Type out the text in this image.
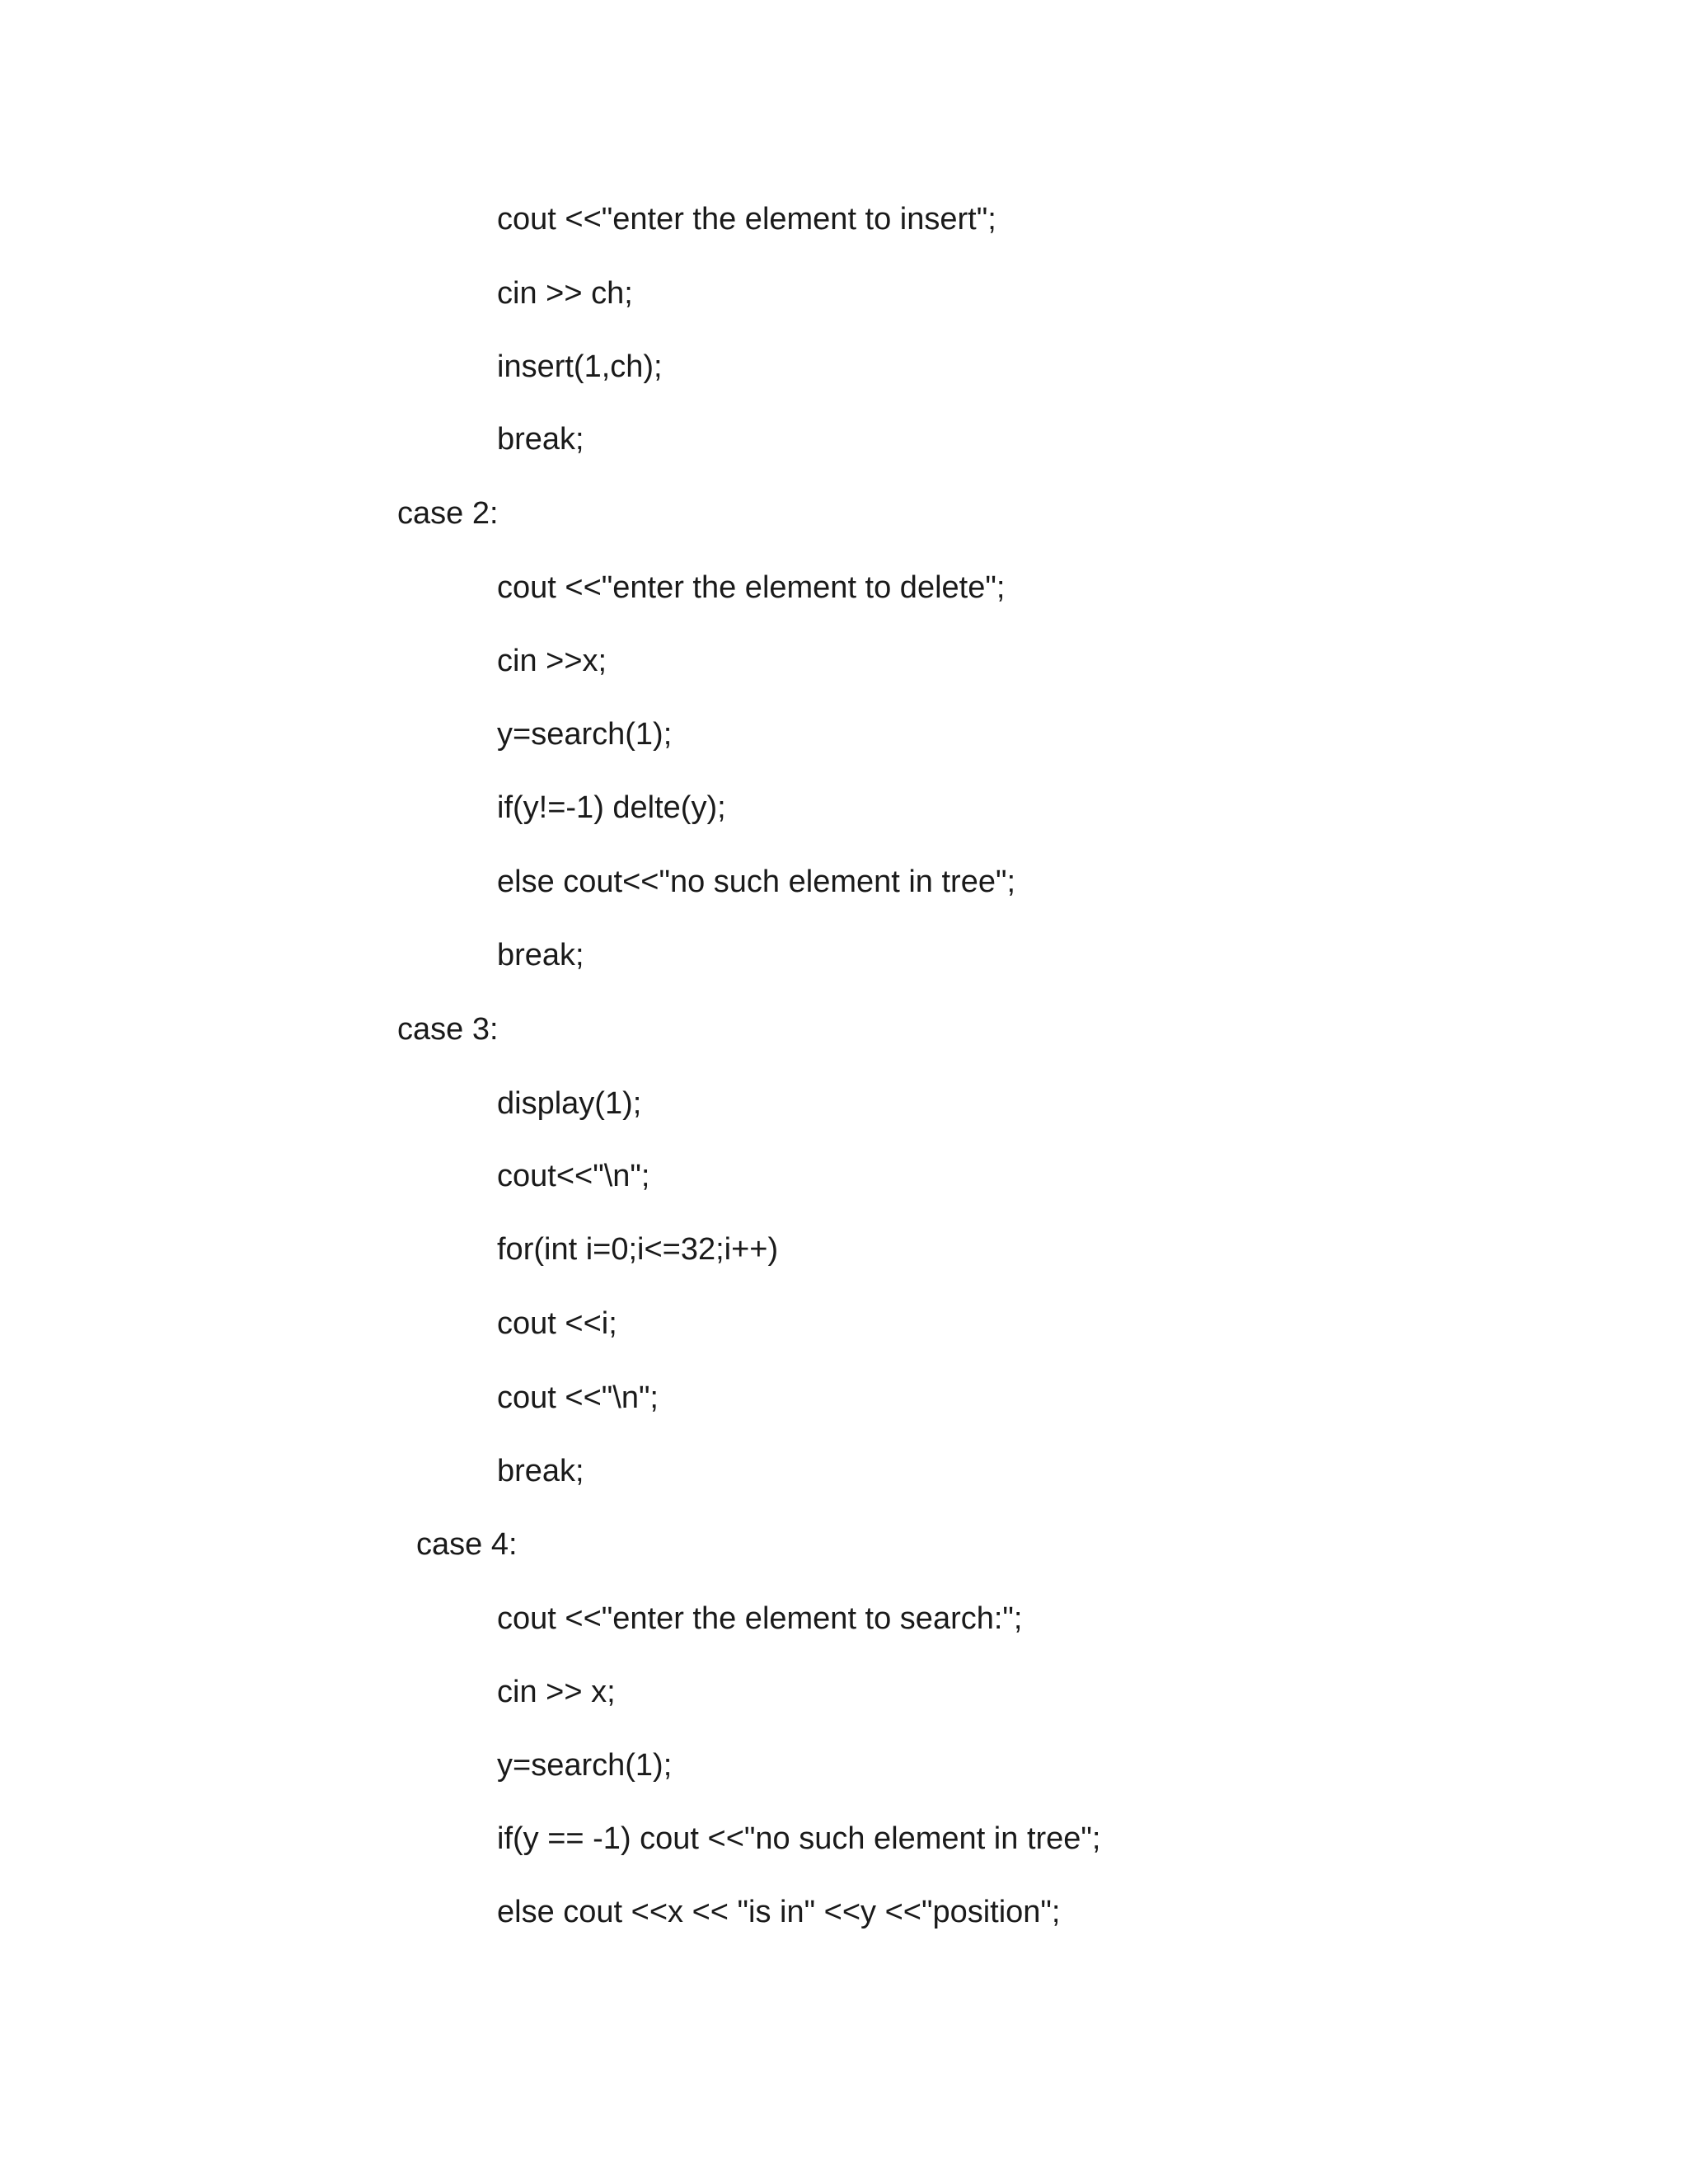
cout <<"enter the element to insert";
cin >> ch;
insert(1,ch);
break;
case 2:
cout <<"enter the element to delete";
cin >>x;
y=search(1);
if(y!=-1) delte(y);
else cout<<"no such element in tree";
break;
case 3:
display(1);
cout<<"\n";
for(int i=0;i<=32;i++)
cout <<i;
cout <<"\n";
break;
case 4:
cout <<"enter the element to search:";
cin >> x;
y=search(1);
if(y == -1) cout <<"no such element in tree";
else cout <<x << "is in" <<y <<"position";
